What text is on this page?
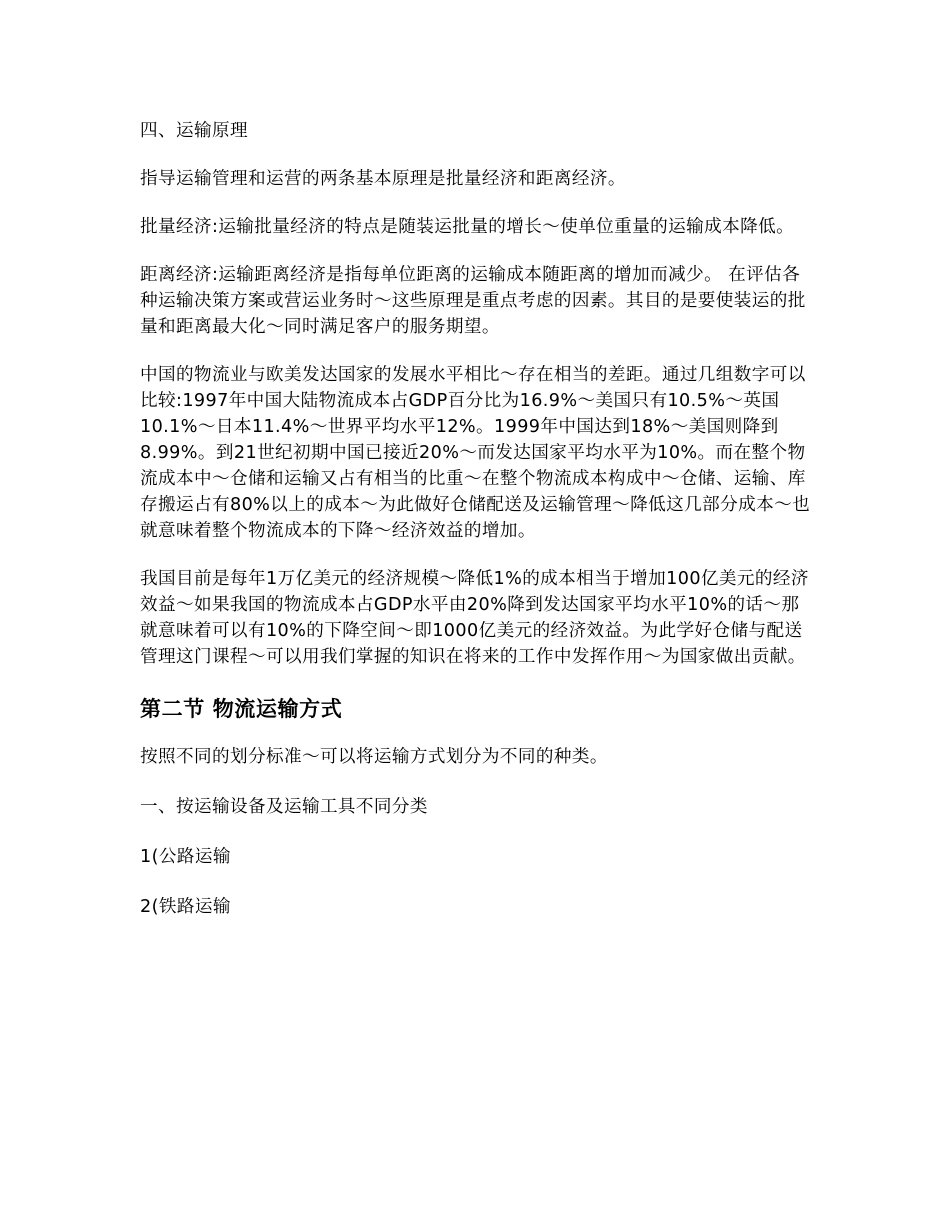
四、运输原理

指导运输管理和运营的两条基本原理是批量经济和距离经济。

批量经济:运输批量经济的特点是随装运批量的增长～使单位重量的运输成本降低。

距离经济:运输距离经济是指每单位距离的运输成本随距离的增加而减少。 在评估各种运输决策方案或营运业务时～这些原理是重点考虑的因素。其目的是要使装运的批量和距离最大化～同时满足客户的服务期望。

中国的物流业与欧美发达国家的发展水平相比～存在相当的差距。通过几组数字可以比较:1997年中国大陆物流成本占GDP百分比为16.9%～美国只有10.5%～英国10.1%～日本11.4%～世界平均水平12%。1999年中国达到18%～美国则降到8.99%。到21世纪初期中国已接近20%～而发达国家平均水平为10%。而在整个物流成本中～仓储和运输又占有相当的比重～在整个物流成本构成中～仓储、运输、库存搬运占有80%以上的成本～为此做好仓储配送及运输管理～降低这几部分成本～也就意味着整个物流成本的下降～经济效益的增加。

我国目前是每年1万亿美元的经济规模～降低1%的成本相当于增加100亿美元的经济效益～如果我国的物流成本占GDP水平由20%降到发达国家平均水平10%的话～那就意味着可以有10%的下降空间～即1000亿美元的经济效益。为此学好仓储与配送管理这门课程～可以用我们掌握的知识在将来的工作中发挥作用～为国家做出贡献。

第二节 物流运输方式

按照不同的划分标准～可以将运输方式划分为不同的种类。

一、按运输设备及运输工具不同分类

1(公路运输

2(铁路运输
